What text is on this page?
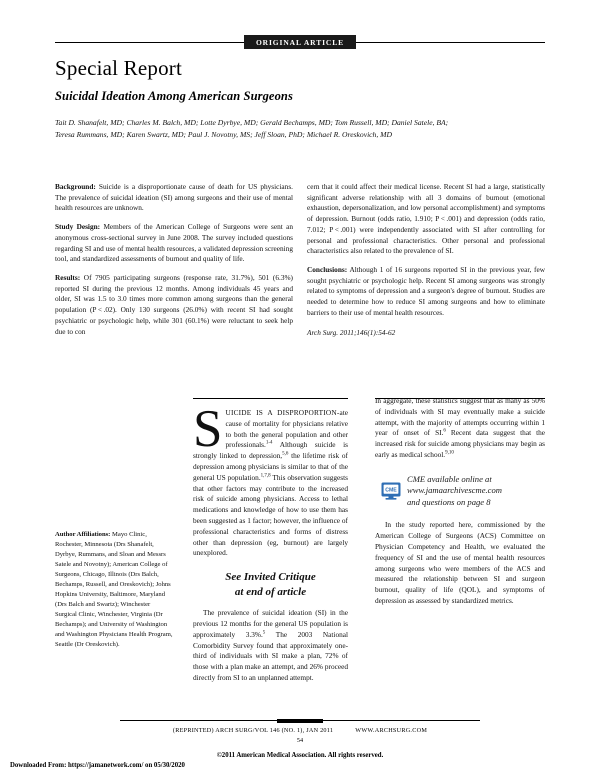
ORIGINAL ARTICLE
Special Report
Suicidal Ideation Among American Surgeons
Tait D. Shanafelt, MD; Charles M. Balch, MD; Lotte Dyrbye, MD; Gerald Bechamps, MD; Tom Russell, MD; Daniel Satele, BA; Teresa Rummans, MD; Karen Swartz, MD; Paul J. Novotny, MS; Jeff Sloan, PhD; Michael R. Oreskovich, MD

Background: Suicide is a disproportionate cause of death for US physicians. The prevalence of suicidal ideation (SI) among surgeons and their use of mental health resources are unknown.

Study Design: Members of the American College of Surgeons were sent an anonymous cross-sectional survey in June 2008. The survey included questions regarding SI and use of mental health resources, a validated depression screening tool, and standardized assessments of burnout and quality of life.

Results: Of 7905 participating surgeons (response rate, 31.7%), 501 (6.3%) reported SI during the previous 12 months. Among individuals 45 years and older, SI was 1.5 to 3.0 times more common among surgeons than the general population (P < .02). Only 130 surgeons (26.0%) with recent SI had sought psychiatric or psychologic help, while 301 (60.1%) were reluctant to seek help due to con

cern that it could affect their medical license. Recent SI had a large, statistically significant adverse relationship with all 3 domains of burnout (emotional exhaustion, depersonalization, and low personal accomplishment) and symptoms of depression. Burnout (odds ratio, 1.910; P < .001) and depression (odds ratio, 7.012; P < .001) were independently associated with SI after controlling for personal and professional characteristics. Other personal and professional characteristics also related to the prevalence of SI.

Conclusions: Although 1 of 16 surgeons reported SI in the previous year, few sought psychiatric or psychologic help. Recent SI among surgeons was strongly related to symptoms of depression and a surgeon's degree of burnout. Studies are needed to determine how to reduce SI among surgeons and how to eliminate barriers to their use of mental health resources.

Arch Surg. 2011;146(1):54-62

Author Affiliations: Mayo Clinic, Rochester, Minnesota (Drs Shanafelt, Dyrbye, Rummans, and Sloan and Messrs Satele and Novotny); American College of Surgeons, Chicago, Illinois (Drs Balch, Bechamps, Russell, and Oreskovich); Johns Hopkins University, Baltimore, Maryland (Drs Balch and Swartz); Winchester Surgical Clinic, Winchester, Virginia (Dr Bechamps); and University of Washington and Washington Physicians Health Program, Seattle (Dr Oreskovich).
SUICIDE IS A DISPROPORTION-ate cause of mortality for physicians relative to both the general population and other professionals.$^{1-4}$ Although suicide is strongly linked to depression,$^{5,6}$ the lifetime risk of depression among physicians is similar to that of the general US population.$^{1,7,8}$ This observation suggests that other factors may contribute to the increased risk of suicide among physicians. Access to lethal medications and knowledge of how to use them has been suggested as 1 factor; however, the influence of professional characteristics and forms of distress other than depression (eg, burnout) are largely unexplored.
See Invited Critique
at end of article

The prevalence of suicidal ideation (SI) in the previous 12 months for the general US population is approximately 3.3%.$^5$ The 2003 National Comorbidity Survey found that approximately one-third of individuals with SI make a plan, 72% of those with a plan make an attempt, and 26% proceed directly from SI to an unplanned attempt.

In aggregate, these statistics suggest that as many as 50% of individuals with SI may eventually make a suicide attempt, with the majority of attempts occurring within 1 year of onset of SI.$^6$ Recent data suggest that the increased risk for suicide among physicians may begin as early as medical school.$^{9,10}$

CME
CME available online at
www.jamaarchivescme.com
and questions on page 8

In the study reported here, commissioned by the American College of Surgeons (ACS) Committee on Physician Competency and Health, we evaluated the frequency of SI and the use of mental health resources among surgeons who were members of the ACS and measured the relationship between SI and surgeon burnout, quality of life (QOL), and symptoms of depression as assessed by standardized metrics.

(REPRINTED) ARCH SURG/VOL 146 (NO. 1), JAN 2011	WWW.ARCHSURG.COM
54
©2011 American Medical Association. All rights reserved.
Downloaded From: https://jamanetwork.com/ on 05/30/2020
